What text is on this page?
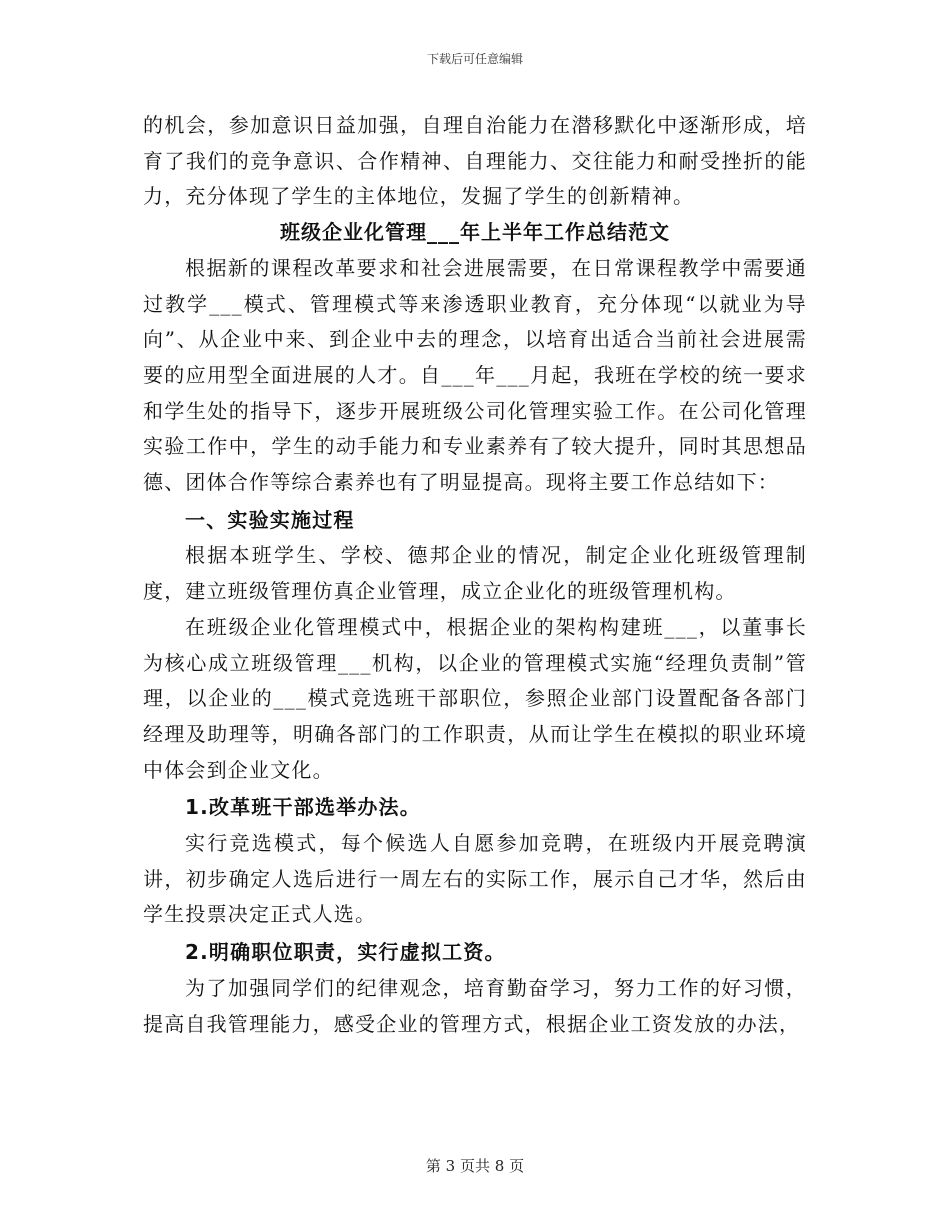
下载后可任意编辑

的机会，参加意识日益加强，自理自治能力在潜移默化中逐渐形成，培育了我们的竞争意识、合作精神、自理能力、交往能力和耐受挫折的能力，充分体现了学生的主体地位，发掘了学生的创新精神。

班级企业化管理___年上半年工作总结范文

根据新的课程改革要求和社会进展需要，在日常课程教学中需要通过教学___模式、管理模式等来渗透职业教育，充分体现“以就业为导向”、从企业中来、到企业中去的理念，以培育出适合当前社会进展需要的应用型全面进展的人才。自___年___月起，我班在学校的统一要求和学生处的指导下，逐步开展班级公司化管理实验工作。在公司化管理实验工作中，学生的动手能力和专业素养有了较大提升，同时其思想品德、团体合作等综合素养也有了明显提高。现将主要工作总结如下：

一、实验实施过程

根据本班学生、学校、德邦企业的情况，制定企业化班级管理制度，建立班级管理仿真企业管理，成立企业化的班级管理机构。

在班级企业化管理模式中，根据企业的架构构建班___，以董事长为核心成立班级管理___机构，以企业的管理模式实施“经理负责制”管理，以企业的___模式竞选班干部职位，参照企业部门设置配备各部门经理及助理等，明确各部门的工作职责，从而让学生在模拟的职业环境中体会到企业文化。

1.改革班干部选举办法。

实行竞选模式，每个候选人自愿参加竞聘，在班级内开展竞聘演讲，初步确定人选后进行一周左右的实际工作，展示自己才华，然后由学生投票决定正式人选。

2.明确职位职责，实行虚拟工资。

为了加强同学们的纪律观念，培育勤奋学习，努力工作的好习惯，提高自我管理能力，感受企业的管理方式，根据企业工资发放的办法，

第 3 页共 8 页
